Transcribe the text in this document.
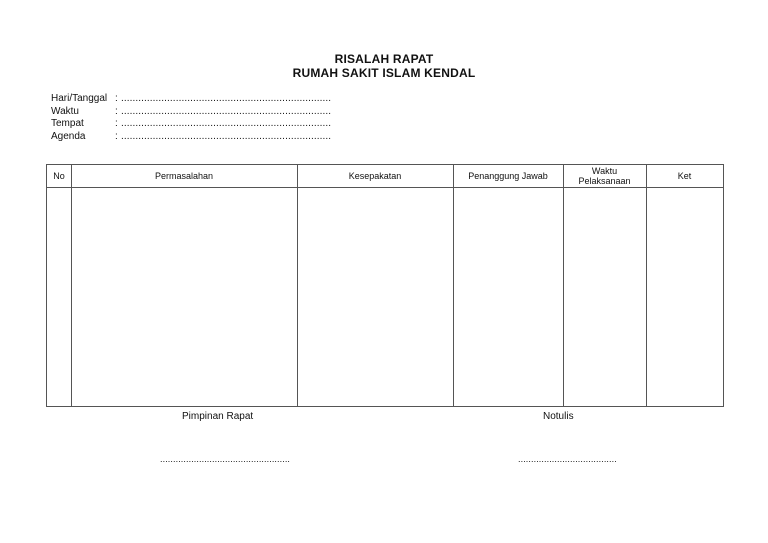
RISALAH RAPAT
RUMAH SAKIT ISLAM KENDAL
Hari/Tanggal : .........................................................................
Waktu	: .........................................................................
Tempat	: .........................................................................
Agenda	: .........................................................................
No	Permasalahan	Kesepakatan	Penanggung Jawab	Waktu Pelaksanaan	Ket
Pimpinan Rapat
..................................................
Notulis
......................................
